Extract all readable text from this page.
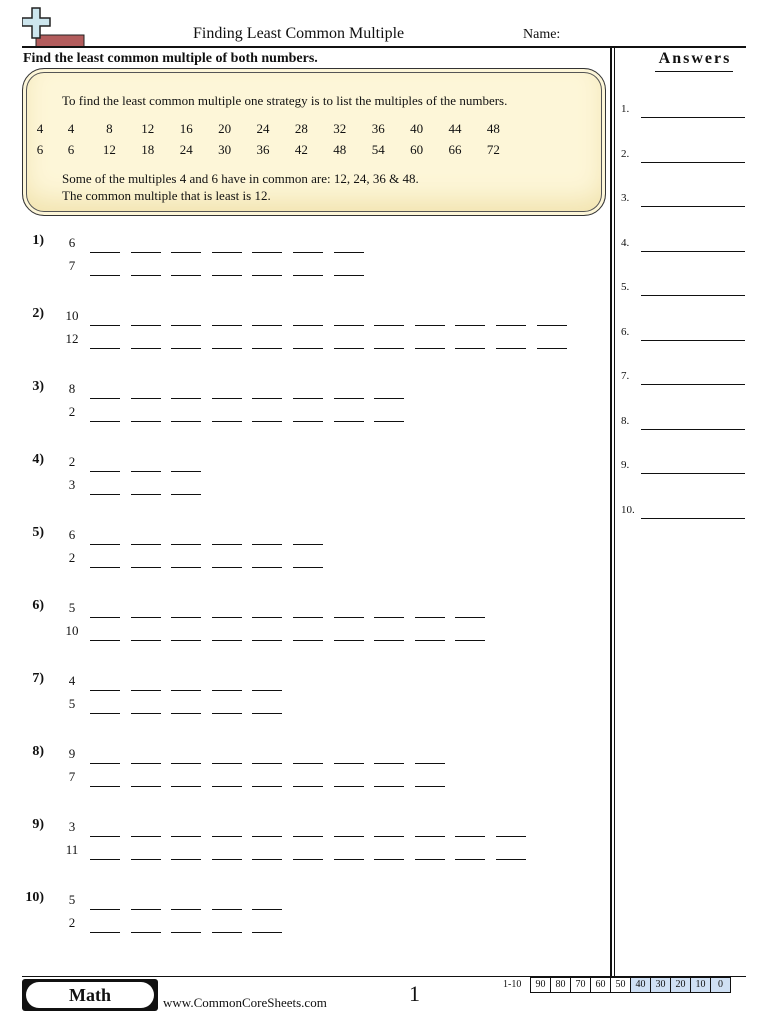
Finding Least Common Multiple	Name:
Find the least common multiple of both numbers.	Answers
1.
2.
3.
4.
5.
6.
7.
8.
9.
10.
To find the least common multiple one strategy is to list the multiples of the numbers.
4	4	8	12	16	20	24	28	32	36	40	44	48
6	6	12	18	24	30	36	42	48	54	60	66	72
Some of the multiples 4 and 6 have in common are: 12, 24, 36 & 48.
The common multiple that is least is 12.
1)	6
7
2) 10
12
3)	8
2
4)	2
3
5)	6
2
6)	5
10
7)	4
5
8)	9
7
9)	3
11
10)	5
2
Math	www.CommonCoreSheets.com	1	1-10	90	80	70	60	50	40	30	20	10	0
